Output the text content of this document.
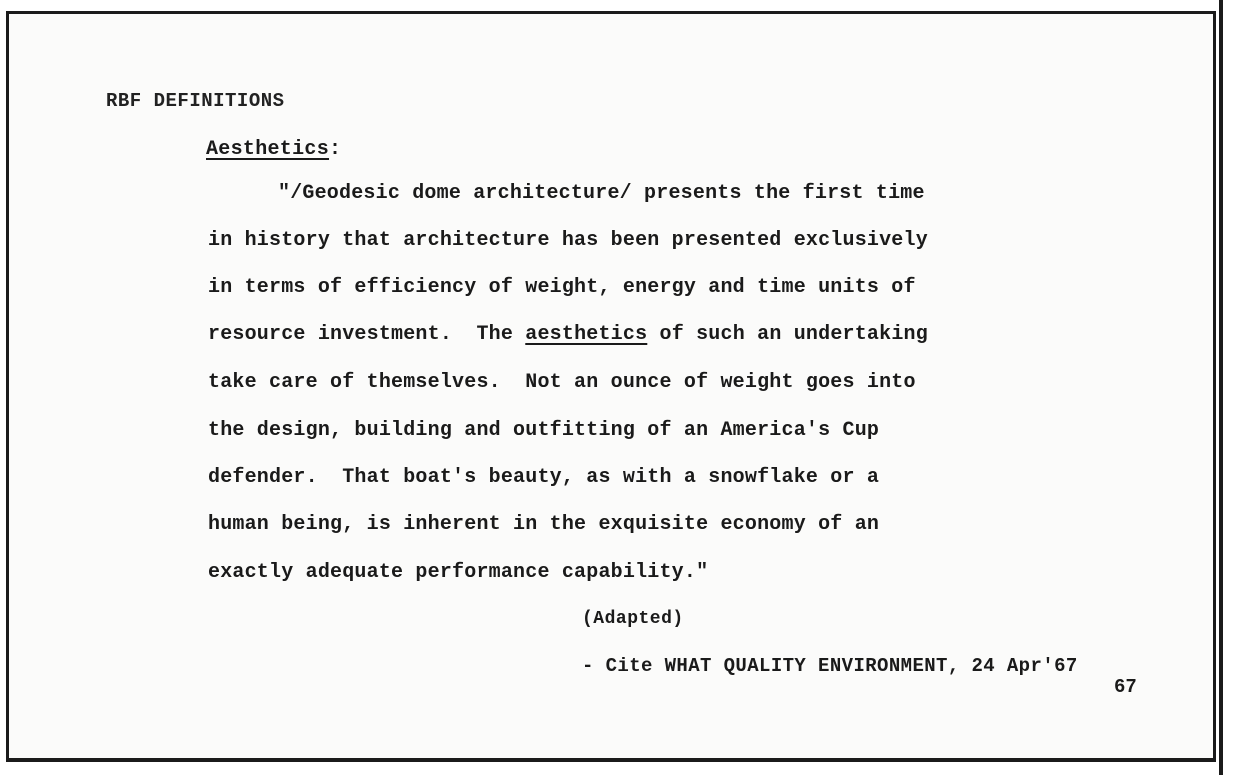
RBF DEFINITIONS
Aesthetics:
"/Geodesic dome architecture/ presents the first time
in history that architecture has been presented exclusively
in terms of efficiency of weight, energy and time units of
resource investment.  The aesthetics of such an undertaking
take care of themselves.  Not an ounce of weight goes into
the design, building and outfitting of an America's Cup
defender.  That boat's beauty, as with a snowflake or a
human being, is inherent in the exquisite economy of an
exactly adequate performance capability."
(Adapted)
- Cite WHAT QUALITY ENVIRONMENT, 24 Apr'67
67
